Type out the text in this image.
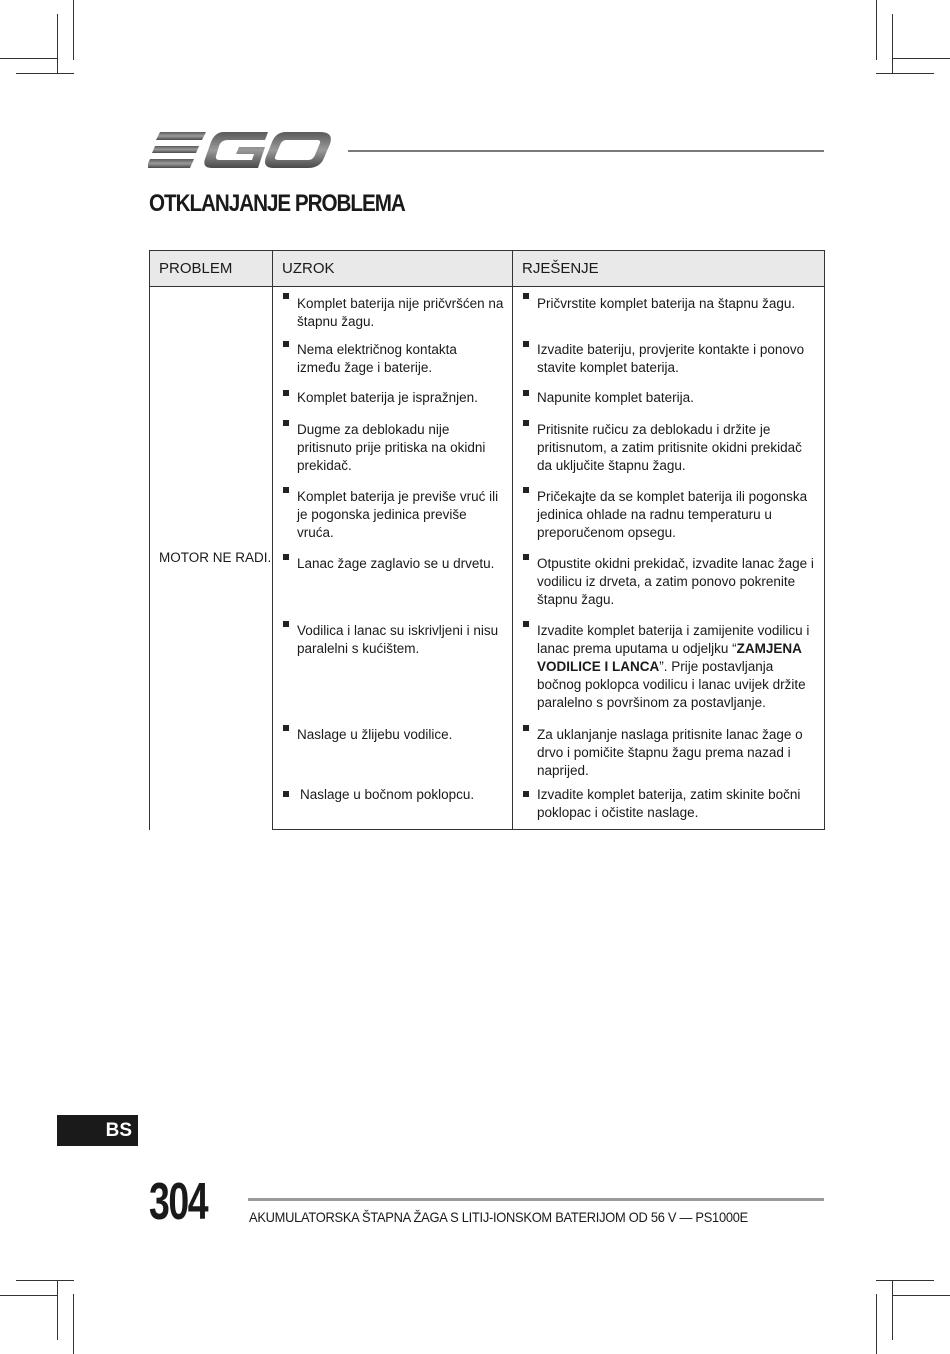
OTKLANJANJE PROBLEMA
PROBLEM	UZROK	RJEŠENJE
MOTOR NE RADI.	Komplet baterija nije pričvršćen na štapnu žagu.	Pričvrstite komplet baterija na štapnu žagu.

	Nema električnog kontakta između žage i baterije.	Izvadite bateriju, provjerite kontakte i ponovo stavite komplet baterija.

	Komplet baterija je ispražnjen.	Napunite komplet baterija.

	Dugme za deblokadu nije pritisnuto prije pritiska na okidni prekidač.	Pritisnite ručicu za deblokadu i držite je pritisnutom, a zatim pritisnite okidni prekidač da uključite štapnu žagu.

	Komplet baterija je previše vruć ili je pogonska jedinica previše vruća.	Pričekajte da se komplet baterija ili pogonska jedinica ohlade na radnu temperaturu u preporučenom opsegu.

	Lanac žage zaglavio se u drvetu.	Otpustite okidni prekidač, izvadite lanac žage i vodilicu iz drveta, a zatim ponovo pokrenite štapnu žagu.

	Vodilica i lanac su iskrivljeni i nisu paralelni s kućištem.	Izvadite komplet baterija i zamijenite vodilicu i lanac prema uputama u odjeljku “ZAMJENA VODILICE I LANCA”. Prije postavljanja bočnog poklopca vodilicu i lanac uvijek držite paralelno s površinom za postavljanje.

	Naslage u žlijebu vodilice.	Za uklanjanje naslaga pritisnite lanac žage o drvo i pomičite štapnu žagu prema nazad i naprijed.

	Naslage u bočnom poklopcu.	Izvadite komplet baterija, zatim skinite bočni poklopac i očistite naslage.
BS
304	AKUMULATORSKA ŠTAPNA ŽAGA S LITIJ-IONSKOM BATERIJOM OD 56 V — PS1000E
